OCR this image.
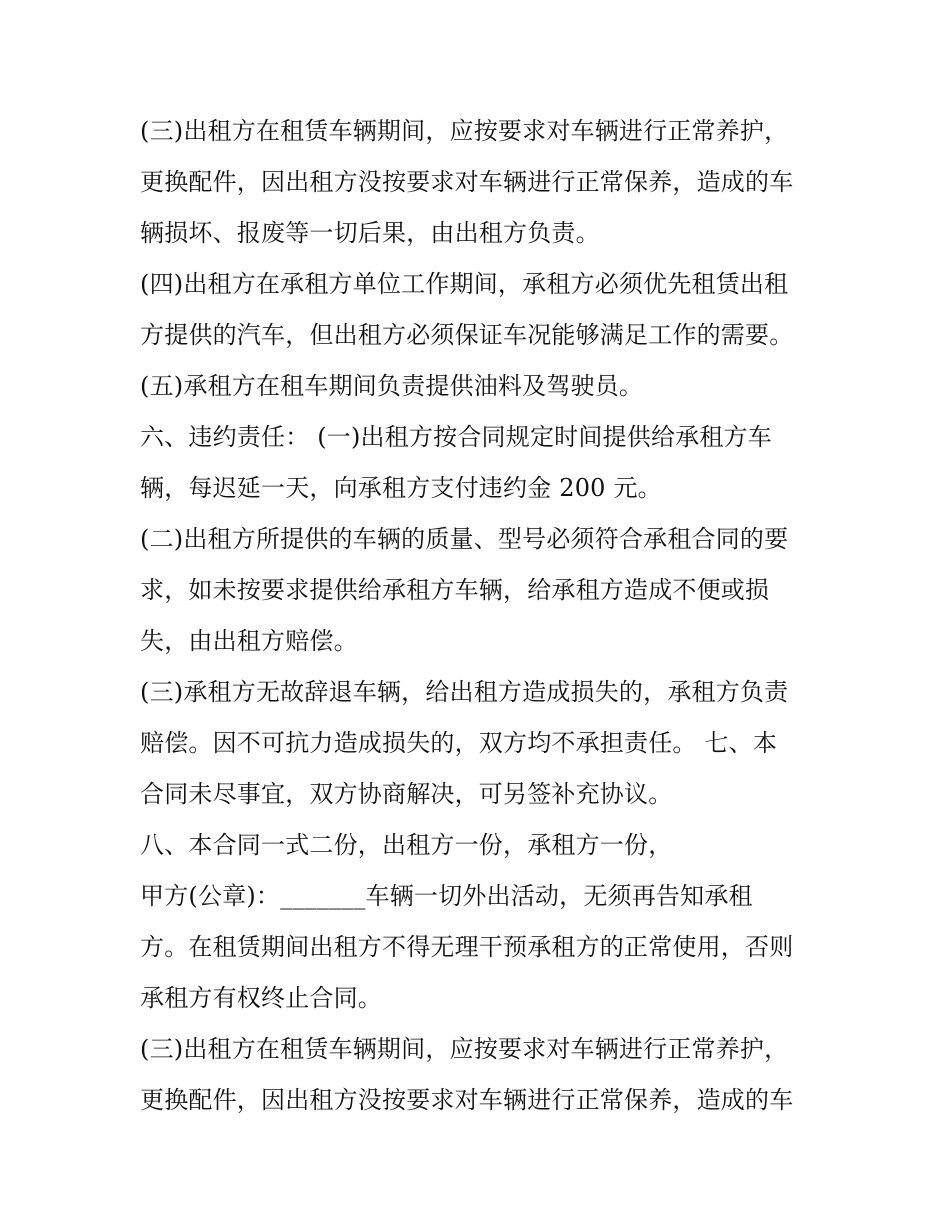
(三)出租方在租赁车辆期间，应按要求对车辆进行正常养护，
更换配件，因出租方没按要求对车辆进行正常保养，造成的车
辆损坏、报废等一切后果，由出租方负责。
(四)出租方在承租方单位工作期间，承租方必须优先租赁出租
方提供的汽车，但出租方必须保证车况能够满足工作的需要。
(五)承租方在租车期间负责提供油料及驾驶员。
六、违约责任： (一)出租方按合同规定时间提供给承租方车
辆，每迟延一天，向承租方支付违约金 200 元。
(二)出租方所提供的车辆的质量、型号必须符合承租合同的要
求，如未按要求提供给承租方车辆，给承租方造成不便或损
失，由出租方赔偿。
(三)承租方无故辞退车辆，给出租方造成损失的，承租方负责
赔偿。因不可抗力造成损失的，双方均不承担责任。 七、本
合同未尽事宜，双方协商解决，可另签补充协议。
八、本合同一式二份，出租方一份，承租方一份，
甲方(公章)：_______车辆一切外出活动，无须再告知承租
方。在租赁期间出租方不得无理干预承租方的正常使用，否则
承租方有权终止合同。
(三)出租方在租赁车辆期间，应按要求对车辆进行正常养护，
更换配件，因出租方没按要求对车辆进行正常保养，造成的车
